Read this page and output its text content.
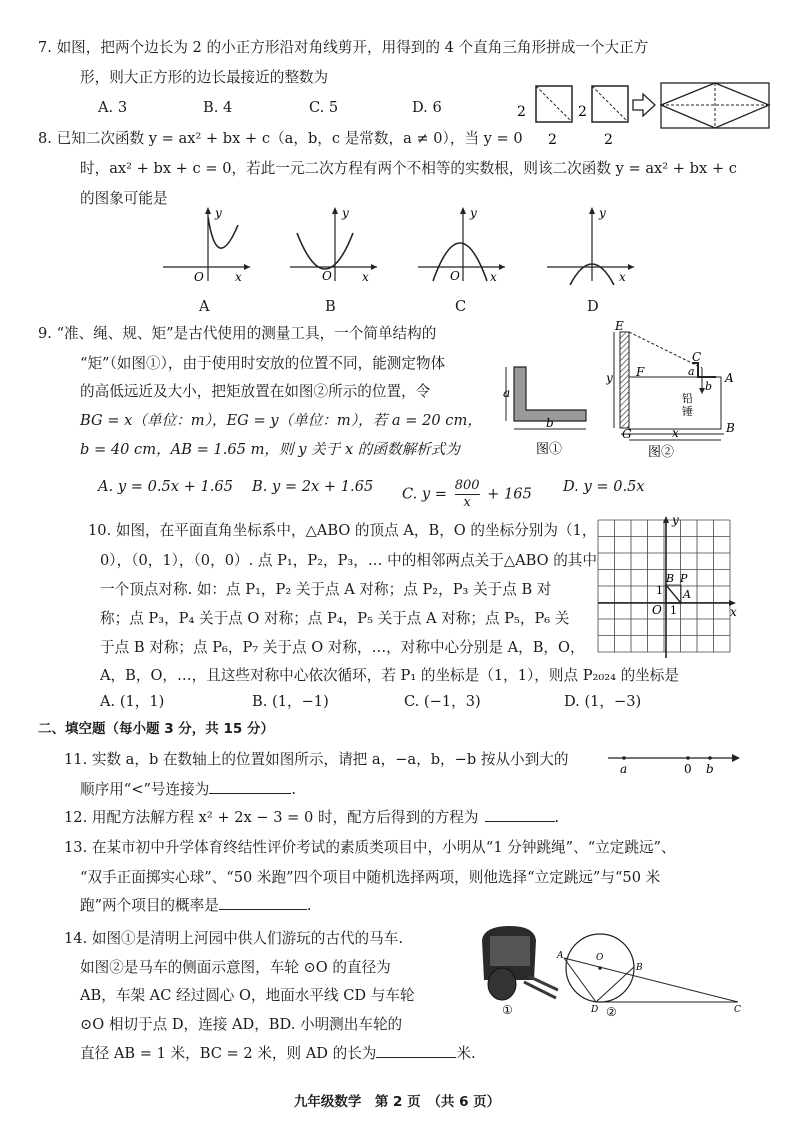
7. 如图，把两个边长为 2 的小正方形沿对角线剪开，用得到的 4 个直角三角形拼成一个大正方
形，则大正方形的边长最接近的整数为
A. 3	B. 4	C. 5	D. 6	2
2
2
2
8. 已知二次函数 y = ax² + bx + c（a，b，c 是常数，a ≠ 0），当 y = 0
时，ax² + bx + c = 0，若此一元二次方程有两个不相等的实数根，则该二次函数 y = ax² + bx + c
的图象可能是
y
x
O
A
y
x
O
B
y
x
O
C
y
x
D
9. “准、绳、规、矩”是古代使用的测量工具，一个简单结构的
“矩”（如图①），由于使用时安放的位置不同，能测定物体
的高低远近及大小，把矩放置在如图②所示的位置，令
BG = x（单位：m），EG = y（单位：m），若 a = 20 cm，
b = 40 cm，AB = 1.65 m，则 y 关于 x 的函数解析式为
A. y = 0.5x + 1.65 B. y = 2x + 1.65 C. $y = \frac{800}{x} + 165$ D. y = 0.5x
a
b
图①
E
C
F	A
a
b
铅
锤
G	B
y
x
图②
10. 如图，在平面直角坐标系中，△ABO 的顶点 A，B，O 的坐标分别为（1，
0），（0，1），（0，0）. 点 P₁，P₂，P₃，… 中的相邻两点关于△ABO 的其中
一个顶点对称. 如：点 P₁，P₂ 关于点 A 对称；点 P₂，P₃ 关于点 B 对
称；点 P₃，P₄ 关于点 O 对称；点 P₄，P₅ 关于点 A 对称；点 P₅，P₆ 关
于点 B 对称；点 P₆，P₇ 关于点 O 对称，…，对称中心分别是 A，B，O，
A，B，O，…，且这些对称中心依次循环，若 P₁ 的坐标是（1，1），则点 P₂₀₂₄ 的坐标是
A. (1，1)	B. (1，−1)	C. (−1，3)	D. (1，−3)
y
x
O 1
1
B P
A
二、填空题（每小题 3 分，共 15 分）
11. 实数 a，b 在数轴上的位置如图所示，请把 a，−a，b，−b 按从小到大的
顺序用“<”号连接为	.
a	0 b
12. 用配方法解方程 x² + 2x − 3 = 0 时，配方后得到的方程为	.
13. 在某市初中升学体育终结性评价考试的素质类项目中，小明从“1 分钟跳绳”、“立定跳远”、
“双手正面掷实心球”、“50 米跑”四个项目中随机选择两项，则他选择“立定跳远”与“50 米
跑”两个项目的概率是	.
14. 如图①是清明上河园中供人们游玩的古代的马车.
如图②是马车的侧面示意图，车轮 ⊙O 的直径为
AB，车架 AC 经过圆心 O，地面水平线 CD 与车轮
⊙O 相切于点 D，连接 AD，BD. 小明测出车轮的
直径 AB = 1 米，BC = 2 米，则 AD 的长为	米.
①
A	O
B
D	C
②
九年级数学　第 2 页　（共 6 页）
